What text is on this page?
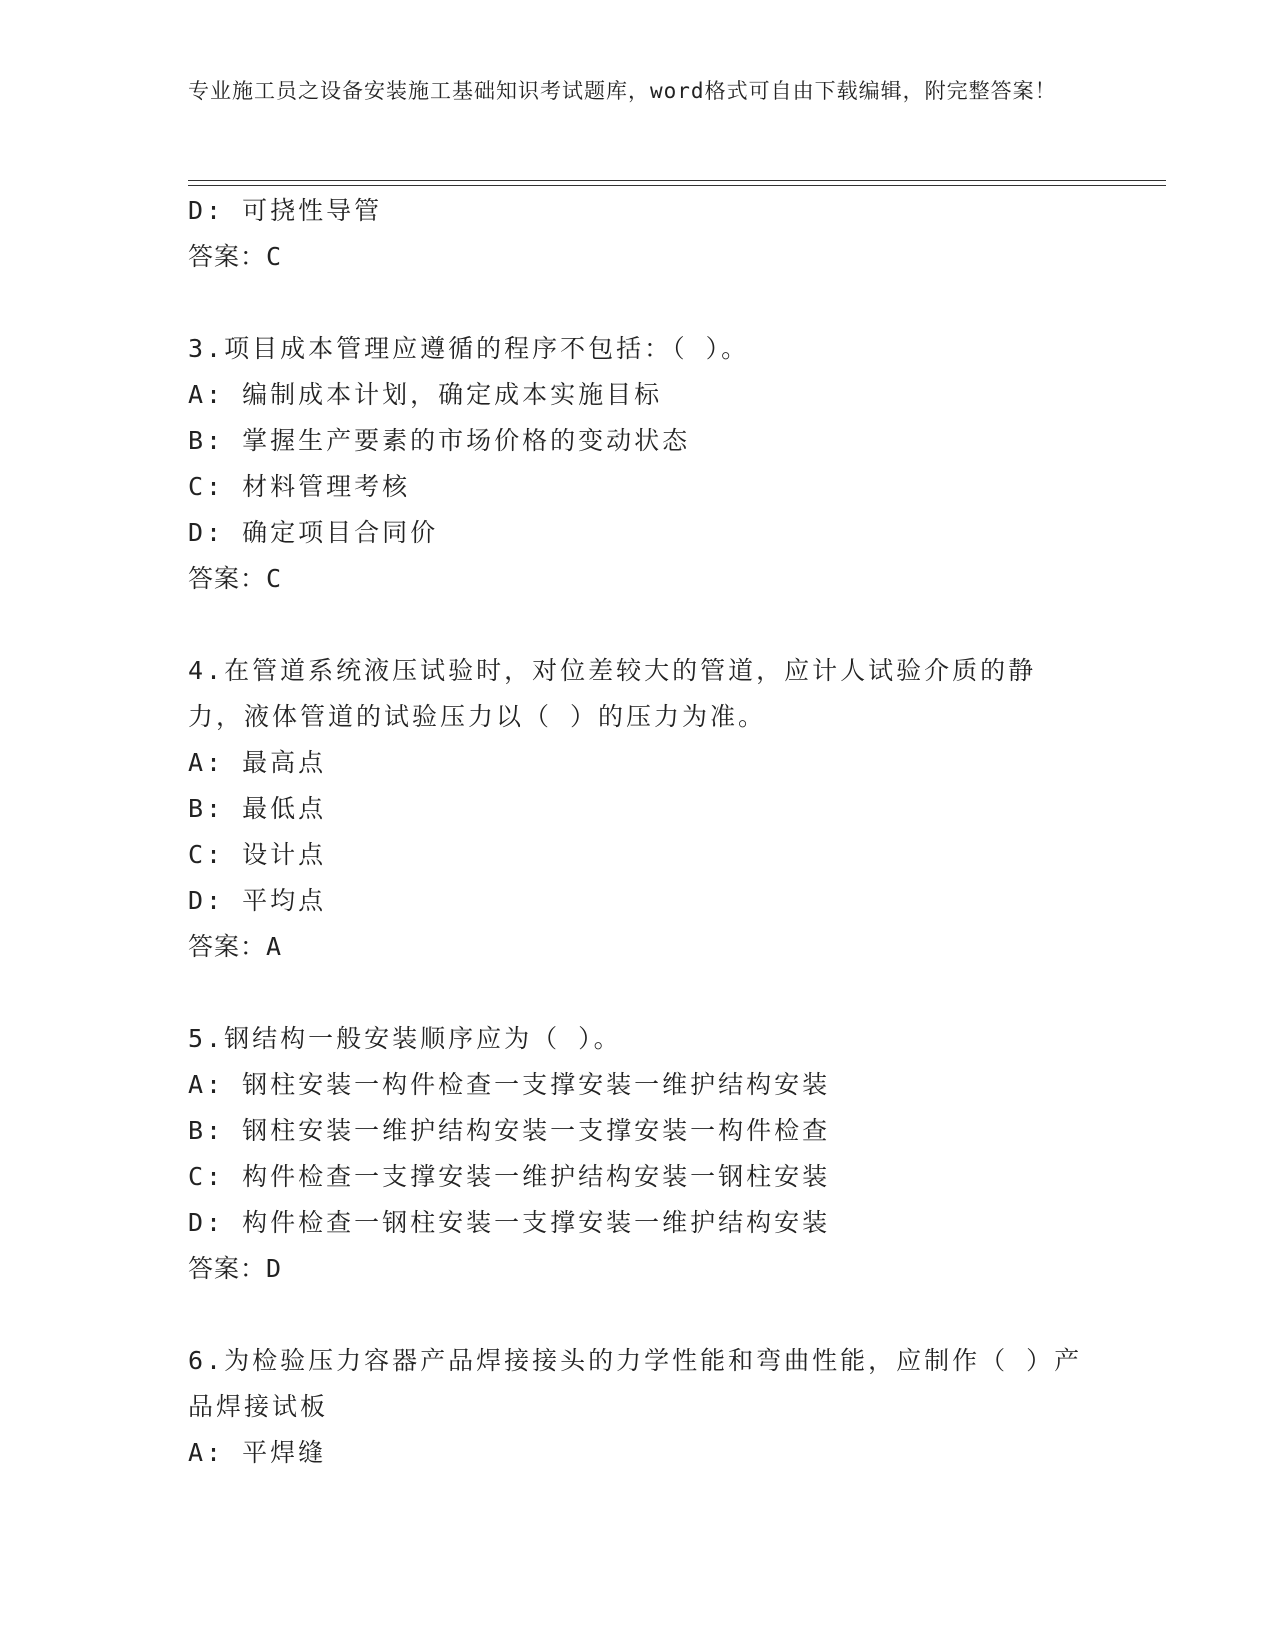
专业施工员之设备安装施工基础知识考试题库，word格式可自由下载编辑，附完整答案！

D: 可挠性导管

答案：C

3.项目成本管理应遵循的程序不包括：（ ）。

A: 编制成本计划，确定成本实施目标

B: 掌握生产要素的市场价格的变动状态

C: 材料管理考核

D: 确定项目合同价

答案：C

4.在管道系统液压试验时，对位差较大的管道，应计人试验介质的静力，液体管道的试验压力以（ ）的压力为准。

A: 最高点

B: 最低点

C: 设计点

D: 平均点

答案：A

5.钢结构一般安装顺序应为（ ）。

A: 钢柱安装一构件检查一支撑安装一维护结构安装

B: 钢柱安装一维护结构安装一支撑安装一构件检查

C: 构件检查一支撑安装一维护结构安装一钢柱安装

D: 构件检查一钢柱安装一支撑安装一维护结构安装

答案：D

6.为检验压力容器产品焊接接头的力学性能和弯曲性能，应制作（ ）产品焊接试板

A: 平焊缝
